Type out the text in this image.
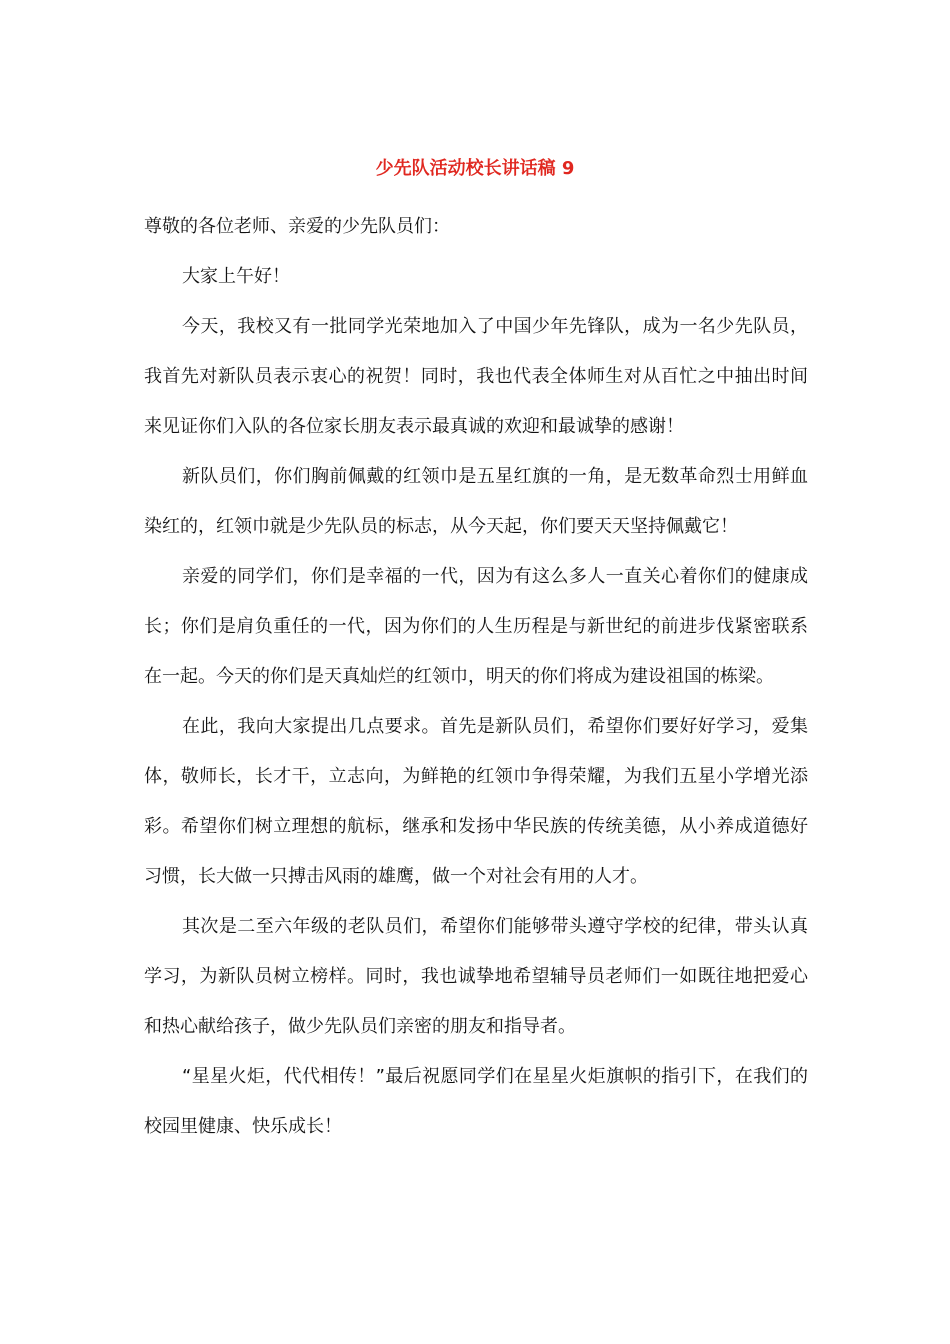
少先队活动校长讲话稿 9

尊敬的各位老师、亲爱的少先队员们：

大家上午好！

今天，我校又有一批同学光荣地加入了中国少年先锋队，成为一名少先队员，我首先对新队员表示衷心的祝贺！同时，我也代表全体师生对从百忙之中抽出时间来见证你们入队的各位家长朋友表示最真诚的欢迎和最诚挚的感谢！

新队员们，你们胸前佩戴的红领巾是五星红旗的一角，是无数革命烈士用鲜血染红的，红领巾就是少先队员的标志，从今天起，你们要天天坚持佩戴它！

亲爱的同学们，你们是幸福的一代，因为有这么多人一直关心着你们的健康成长；你们是肩负重任的一代，因为你们的人生历程是与新世纪的前进步伐紧密联系在一起。今天的你们是天真灿烂的红领巾，明天的你们将成为建设祖国的栋梁。

在此，我向大家提出几点要求。首先是新队员们，希望你们要好好学习，爱集体，敬师长，长才干，立志向，为鲜艳的红领巾争得荣耀，为我们五星小学增光添彩。希望你们树立理想的航标，继承和发扬中华民族的传统美德，从小养成道德好习惯，长大做一只搏击风雨的雄鹰，做一个对社会有用的人才。

其次是二至六年级的老队员们，希望你们能够带头遵守学校的纪律，带头认真学习，为新队员树立榜样。同时，我也诚挚地希望辅导员老师们一如既往地把爱心和热心献给孩子，做少先队员们亲密的朋友和指导者。

“星星火炬，代代相传！”最后祝愿同学们在星星火炬旗帜的指引下，在我们的校园里健康、快乐成长！
